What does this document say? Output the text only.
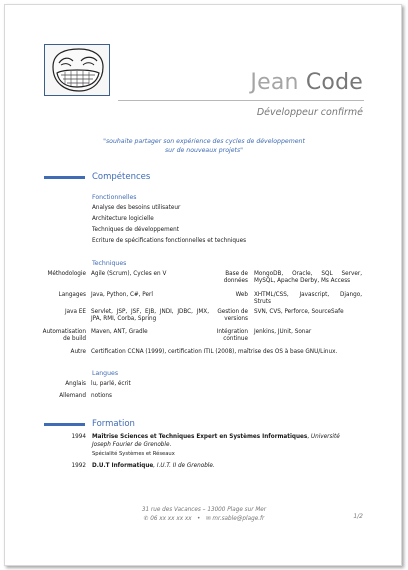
Jean Code
Développeur confirmé
"souhaite partager son expérience des cycles de développement
sur de nouveaux projets"
Compétences
Fonctionnelles
Analyse des besoins utilisateur
Architecture logicielle
Techniques de développement
Ecriture de spécifications fonctionnelles et techniques
Techniques
Méthodologie Agile (Scrum), Cycles en V
Langages Java, Python, C#, Perl
Java EE Servlet, JSP, JSF, EJB, JNDI, JDBC, JMX, JPA, RMI, Corba, Spring
Automatisation de build
Maven, ANT, Gradle
Base de données
MongoDB, Oracle, SQL Server, MySQL, Apache Derby, Ms Access
Web XHTML/CSS, Javascript, Django, Struts
Gestion de versions
SVN, CVS, Perforce, SourceSafe
Intégration continue
Jenkins, JUnit, Sonar
Autre Certification CCNA (1999), certification ITIL (2008), maîtrise des OS à base GNU/Linux.
Langues
Anglais lu, parlé, écrit
Allemand notions
Formation
1994 Maîtrise Sciences et Techniques Expert en Systèmes Informatiques, Université
Joseph Fourier de Grenoble.
Spécialité Systèmes et Réseaux
1992 D.U.T Informatique, I.U.T. II de Grenoble.
31 rue des Vacances – 13000 Plage sur Mer
✆ 06 xx xx xx xx • ✉ mr.sable@plage.fr	1/2
